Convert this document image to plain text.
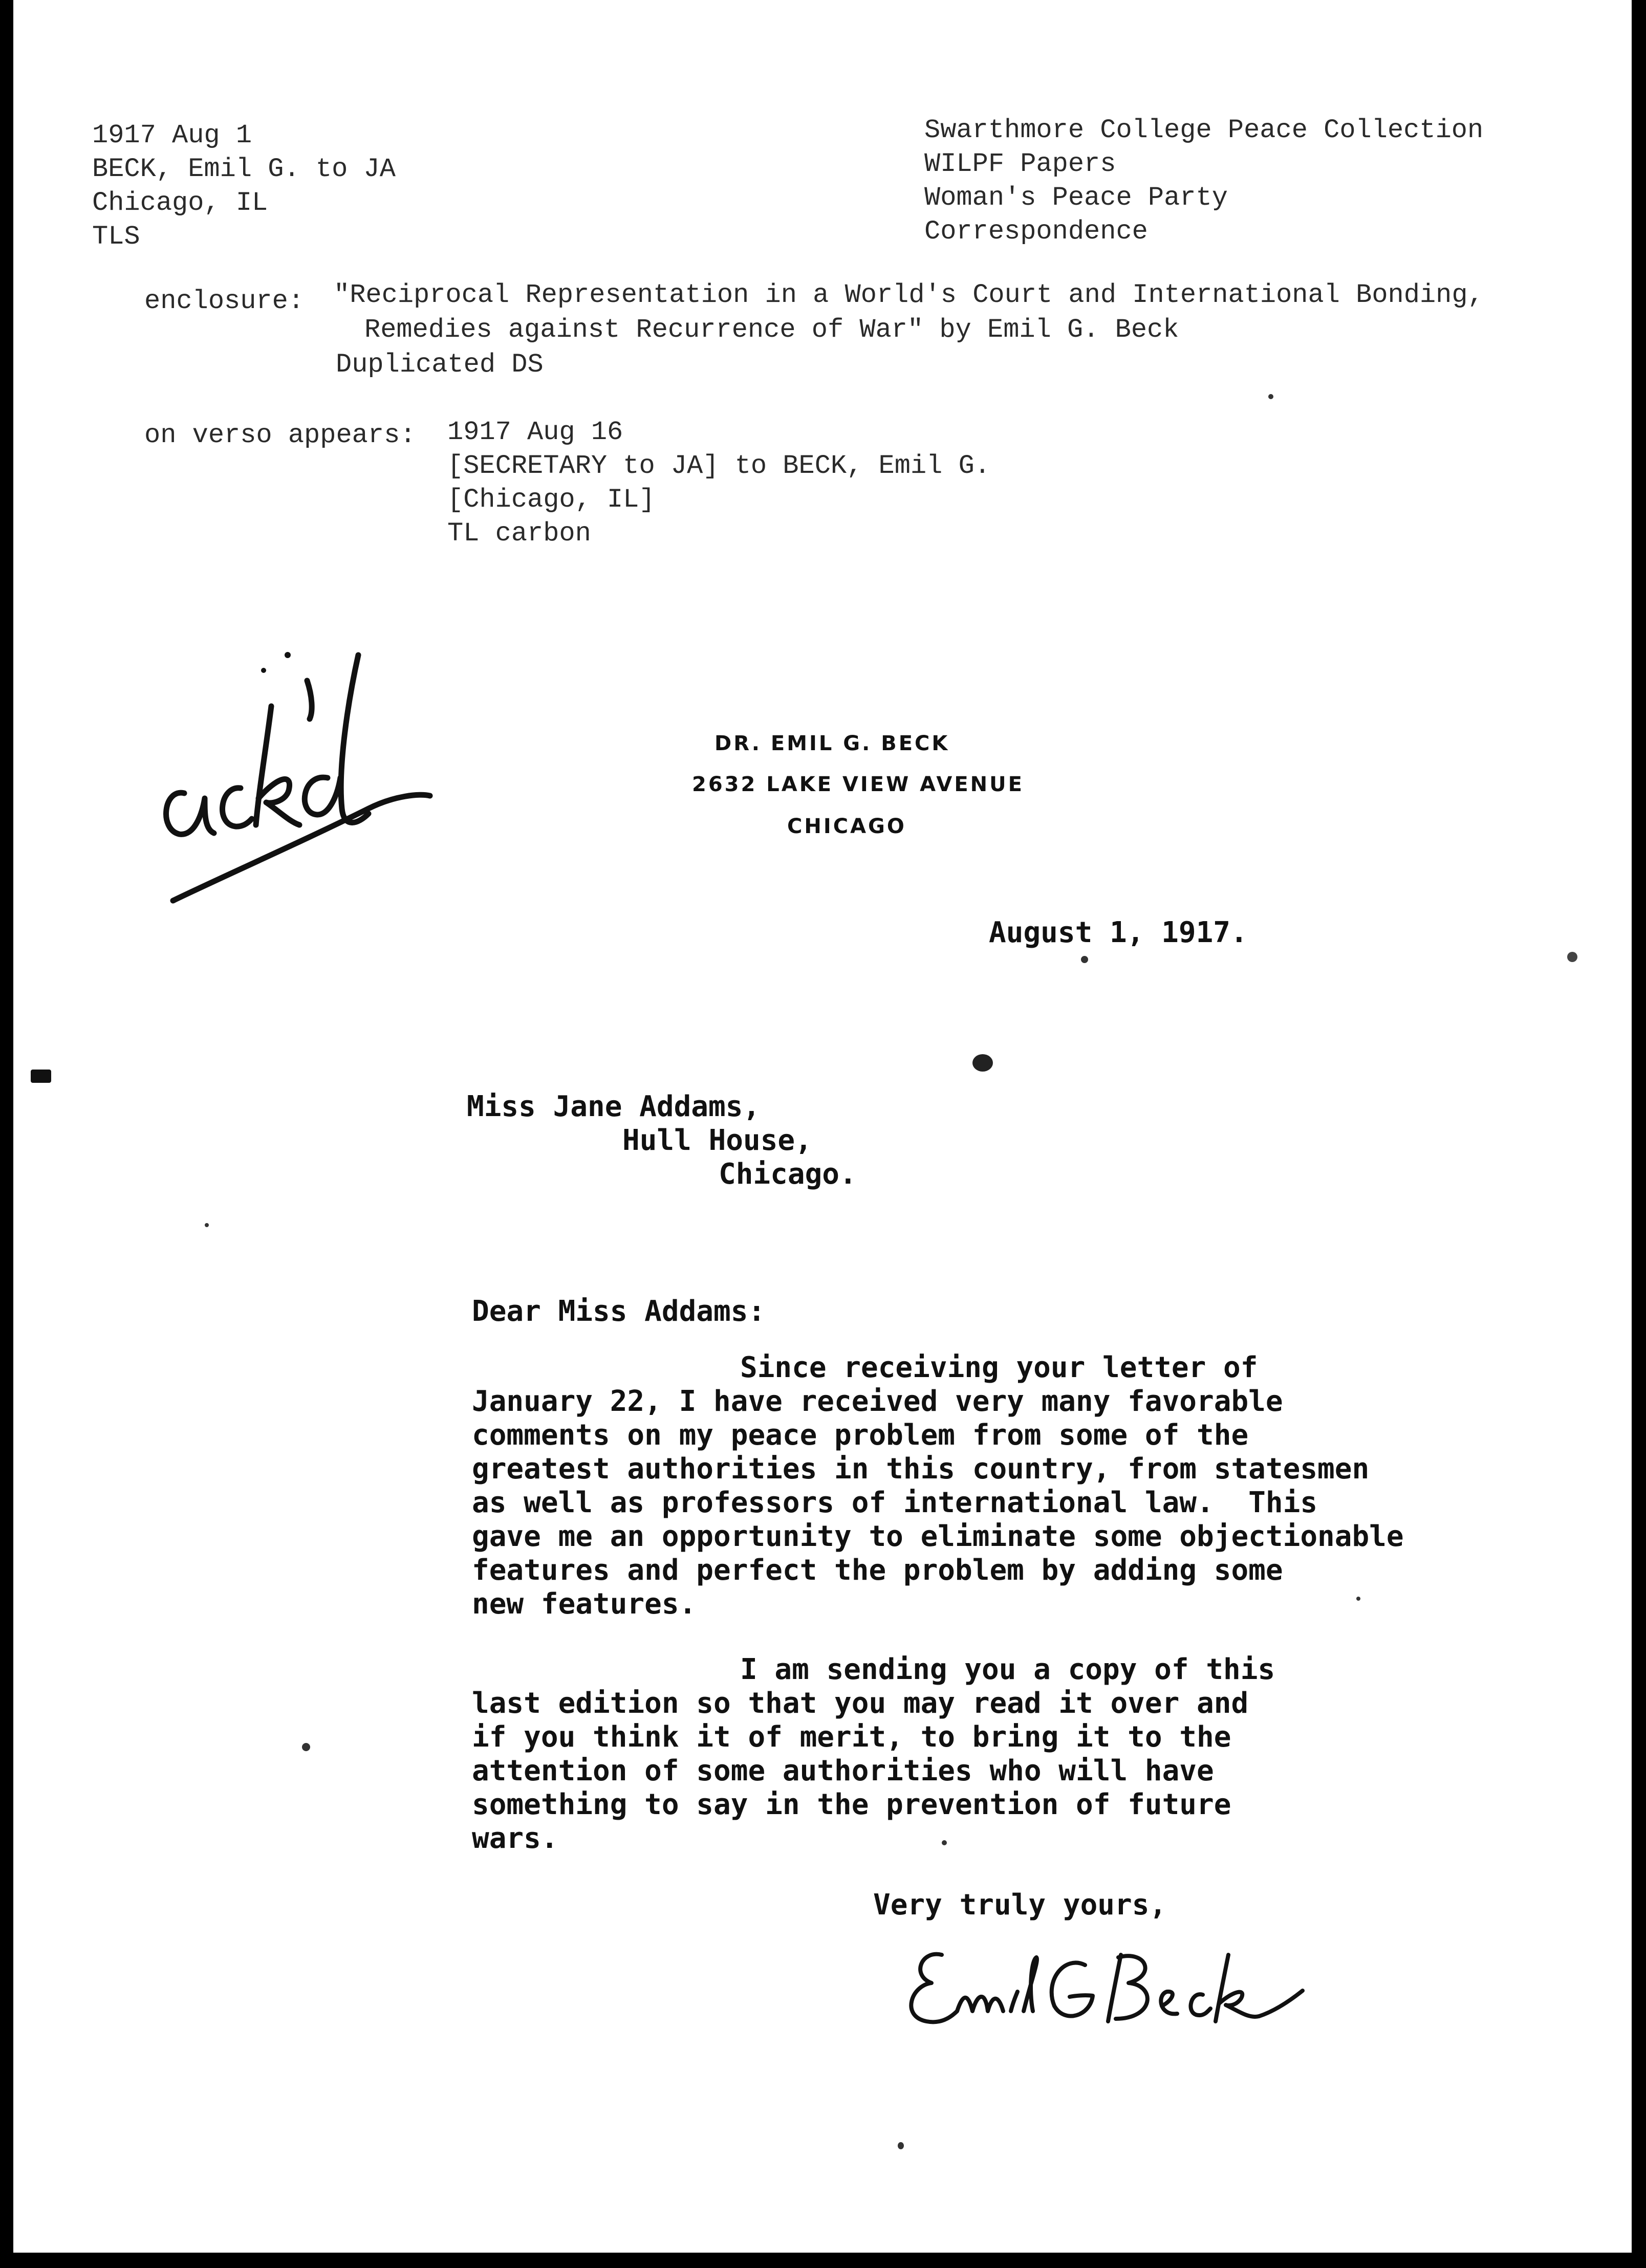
1917 Aug 1
BECK, Emil G. to JA
Chicago, IL
TLS
Swarthmore College Peace Collection
WILPF Papers
Woman's Peace Party
Correspondence
enclosure: "Reciprocal Representation in a World's Court and International Bonding,
Remedies against Recurrence of War" by Emil G. Beck
Duplicated DS
on verso appears: 1917 Aug 16
[SECRETARY to JA] to BECK, Emil G.
[Chicago, IL]
TL carbon
DR. EMIL G. BECK
2632 LAKE VIEW AVENUE
CHICAGO
August 1, 1917.
Miss Jane Addams,
Hull House,
Chicago.
Dear Miss Addams:
Since receiving your letter of
January 22, I have received very many favorable
comments on my peace problem from some of the
greatest authorities in this country, from statesmen
as well as professors of international law.  This
gave me an opportunity to eliminate some objectionable
features and perfect the problem by adding some
new features.
I am sending you a copy of this
last edition so that you may read it over and
if you think it of merit, to bring it to the
attention of some authorities who will have
something to say in the prevention of future
wars.
Very truly yours,
